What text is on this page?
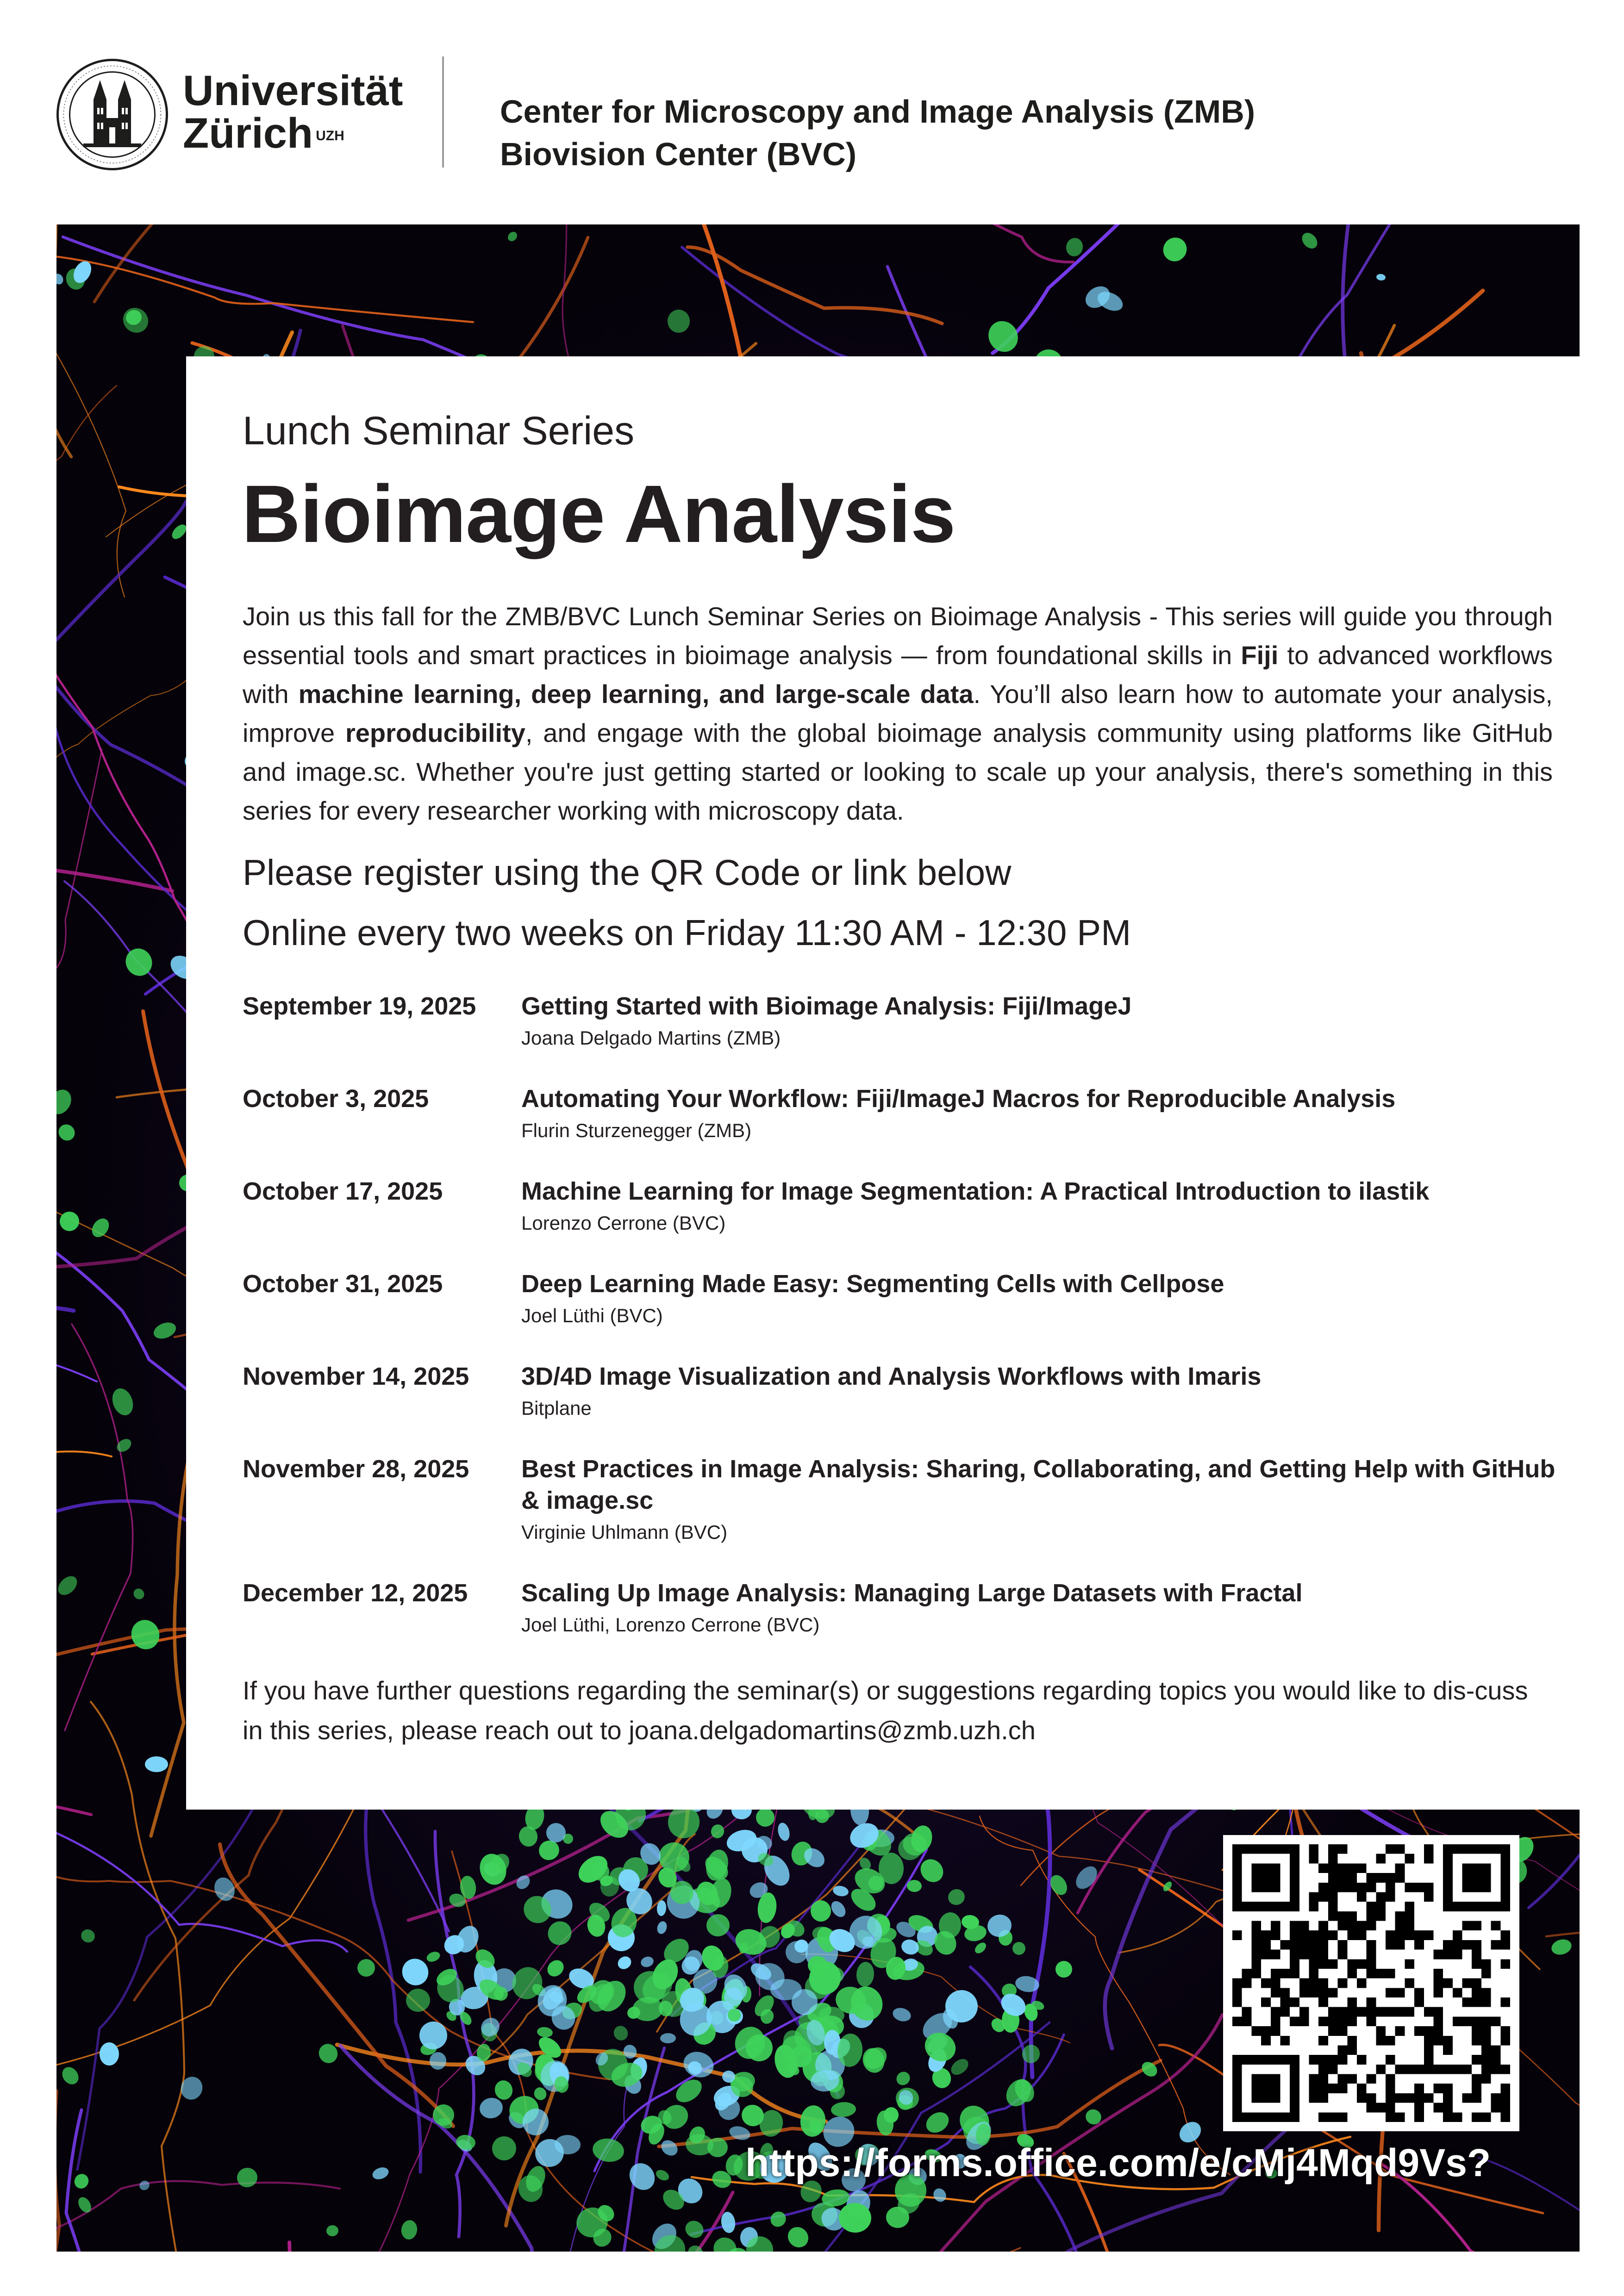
Universität
Zürich $^{UZH}$
Center for Microscopy and Image Analysis (ZMB)
Biovision Center (BVC)
Lunch Seminar Series
Bioimage Analysis

Join us this fall for the ZMB/BVC Lunch Seminar Series on Bioimage Analysis - This series will guide you through essential tools and smart practices in bioimage analysis — from foundational skills in Fiji to advanced workflows with machine learning, deep learning, and large-scale data. You’ll also learn how to automate your analysis, improve reproducibility, and engage with the global bioimage analysis community using platforms like GitHub and image.sc. Whether you're just getting started or looking to scale up your analysis, there's something in this series for every researcher working with microscopy data.

Please register using the QR Code or link below
Online every two weeks on Friday 11:30 AM - 12:30 PM
September 19, 2025 Getting Started with Bioimage Analysis: Fiji/ImageJ
Joana Delgado Martins (ZMB)
October 3, 2025	Automating Your Workflow: Fiji/ImageJ Macros for Reproducible Analysis
Flurin Sturzenegger (ZMB)
October 17, 2025	Machine Learning for Image Segmentation: A Practical Introduction to ilastik
Lorenzo Cerrone (BVC)
October 31, 2025	Deep Learning Made Easy: Segmenting Cells with Cellpose
Joel Lüthi (BVC)
November 14, 2025 3D/4D Image Visualization and Analysis Workflows with Imaris
Bitplane
November 28, 2025 Best Practices in Image Analysis: Sharing, Collaborating, and Getting Help with GitHub & image.sc
Virginie Uhlmann (BVC)
December 12, 2025 Scaling Up Image Analysis: Managing Large Datasets with Fractal
Joel Lüthi, Lorenzo Cerrone (BVC)
If you have further questions regarding the seminar(s) or suggestions regarding topics you would like to dis-cuss in this series, please reach out to joana.delgadomartins@zmb.uzh.ch
https://forms.office.com/e/cMj4Mqd9Vs?
